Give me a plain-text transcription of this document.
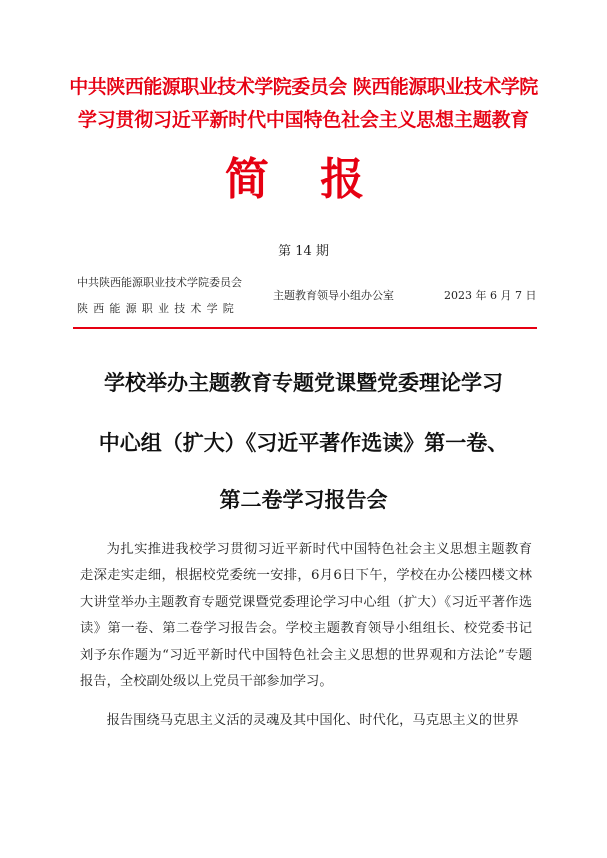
中共陕西能源职业技术学院委员会 陕西能源职业技术学院
学习贯彻习近平新时代中国特色社会主义思想主题教育
简 报
第 14 期
中共陕西能源职业技术学院委员会
陕西能源职业技术学院
主题教育领导小组办公室	2023 年 6 月 7 日
学校举办主题教育专题党课暨党委理论学习
中心组（扩大）《习近平著作选读》第一卷、
第二卷学习报告会

为扎实推进我校学习贯彻习近平新时代中国特色社会主义思想主题教育走深走实走细，根据校党委统一安排，6月6日下午，学校在办公楼四楼文林大讲堂举办主题教育专题党课暨党委理论学习中心组（扩大）《习近平著作选读》第一卷、第二卷学习报告会。学校主题教育领导小组组长、校党委书记刘予东作题为“习近平新时代中国特色社会主义思想的世界观和方法论”专题报告，全校副处级以上党员干部参加学习。

报告围绕马克思主义活的灵魂及其中国化、时代化，马克思主义的世界
